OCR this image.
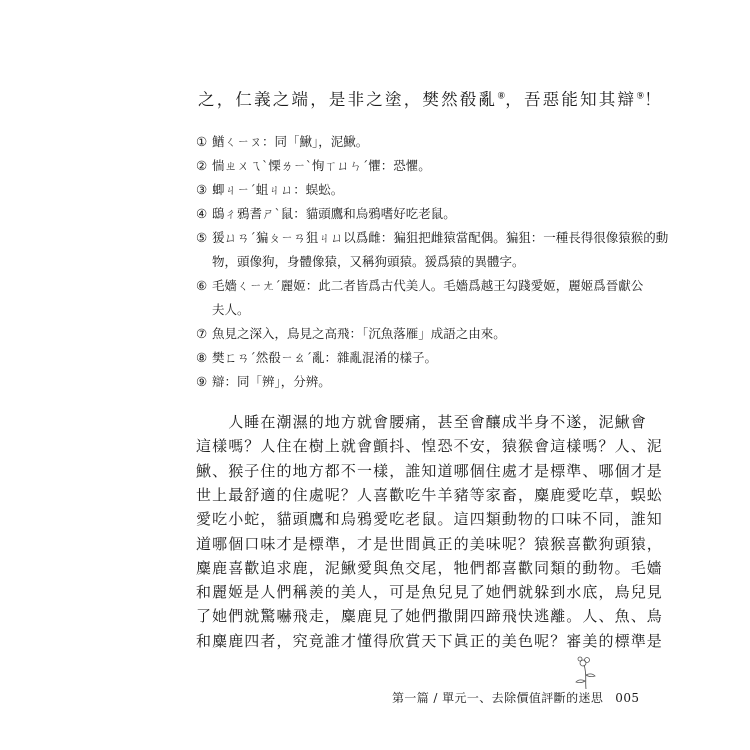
之，仁義之端，是非之塗，樊然殽亂⑧，吾惡能知其辯⑨！
① 鰌ㄑㄧㄡ：同「鰍」，泥鰍。
② 惴ㄓㄨㄟˋ慄ㄌㄧˋ恂ㄒㄩㄣˊ懼：恐懼。
③ 蝍ㄐㄧˊ蛆ㄐㄩ：蜈蚣。
④ 鴟ㄔ鴉耆ㄕˋ鼠：貓頭鷹和烏鴉嗜好吃老鼠。
⑤ 猨ㄩㄢˊ猵ㄆㄧㄢ狙ㄐㄩ以爲雌：猵狙把雌猿當配偶。猵狙：一種長得很像猿猴的動
物，頭像狗，身體像猿，又稱狗頭猿。猨爲猿的異體字。
⑥ 毛嬙ㄑㄧㄤˊ麗姬：此二者皆爲古代美人。毛嬙爲越王勾踐愛姬，麗姬爲晉獻公
夫人。
⑦ 魚見之深入，鳥見之高飛：「沉魚落雁」成語之由來。
⑧ 樊ㄈㄢˊ然殽ㄧㄠˊ亂：雜亂混淆的樣子。
⑨ 辯：同「辨」，分辨。
　　人睡在潮濕的地方就會腰痛，甚至會釀成半身不遂，泥鰍會
這樣嗎？人住在樹上就會顫抖、惶恐不安，猿猴會這樣嗎？人、泥
鰍、猴子住的地方都不一樣，誰知道哪個住處才是標準、哪個才是
世上最舒適的住處呢？人喜歡吃牛羊豬等家畜，麋鹿愛吃草，蜈蚣
愛吃小蛇，貓頭鷹和烏鴉愛吃老鼠。這四類動物的口味不同，誰知
道哪個口味才是標準，才是世間眞正的美味呢？猿猴喜歡狗頭猿，
麋鹿喜歡追求鹿，泥鰍愛與魚交尾，牠們都喜歡同類的動物。毛嬙
和麗姬是人們稱羨的美人，可是魚兒見了她們就躲到水底，鳥兒見
了她們就驚嚇飛走，麋鹿見了她們撒開四蹄飛快逃離。人、魚、鳥
和麋鹿四者，究竟誰才懂得欣賞天下眞正的美色呢？審美的標準是
第一篇 / 單元一、去除價值評斷的迷思 005
